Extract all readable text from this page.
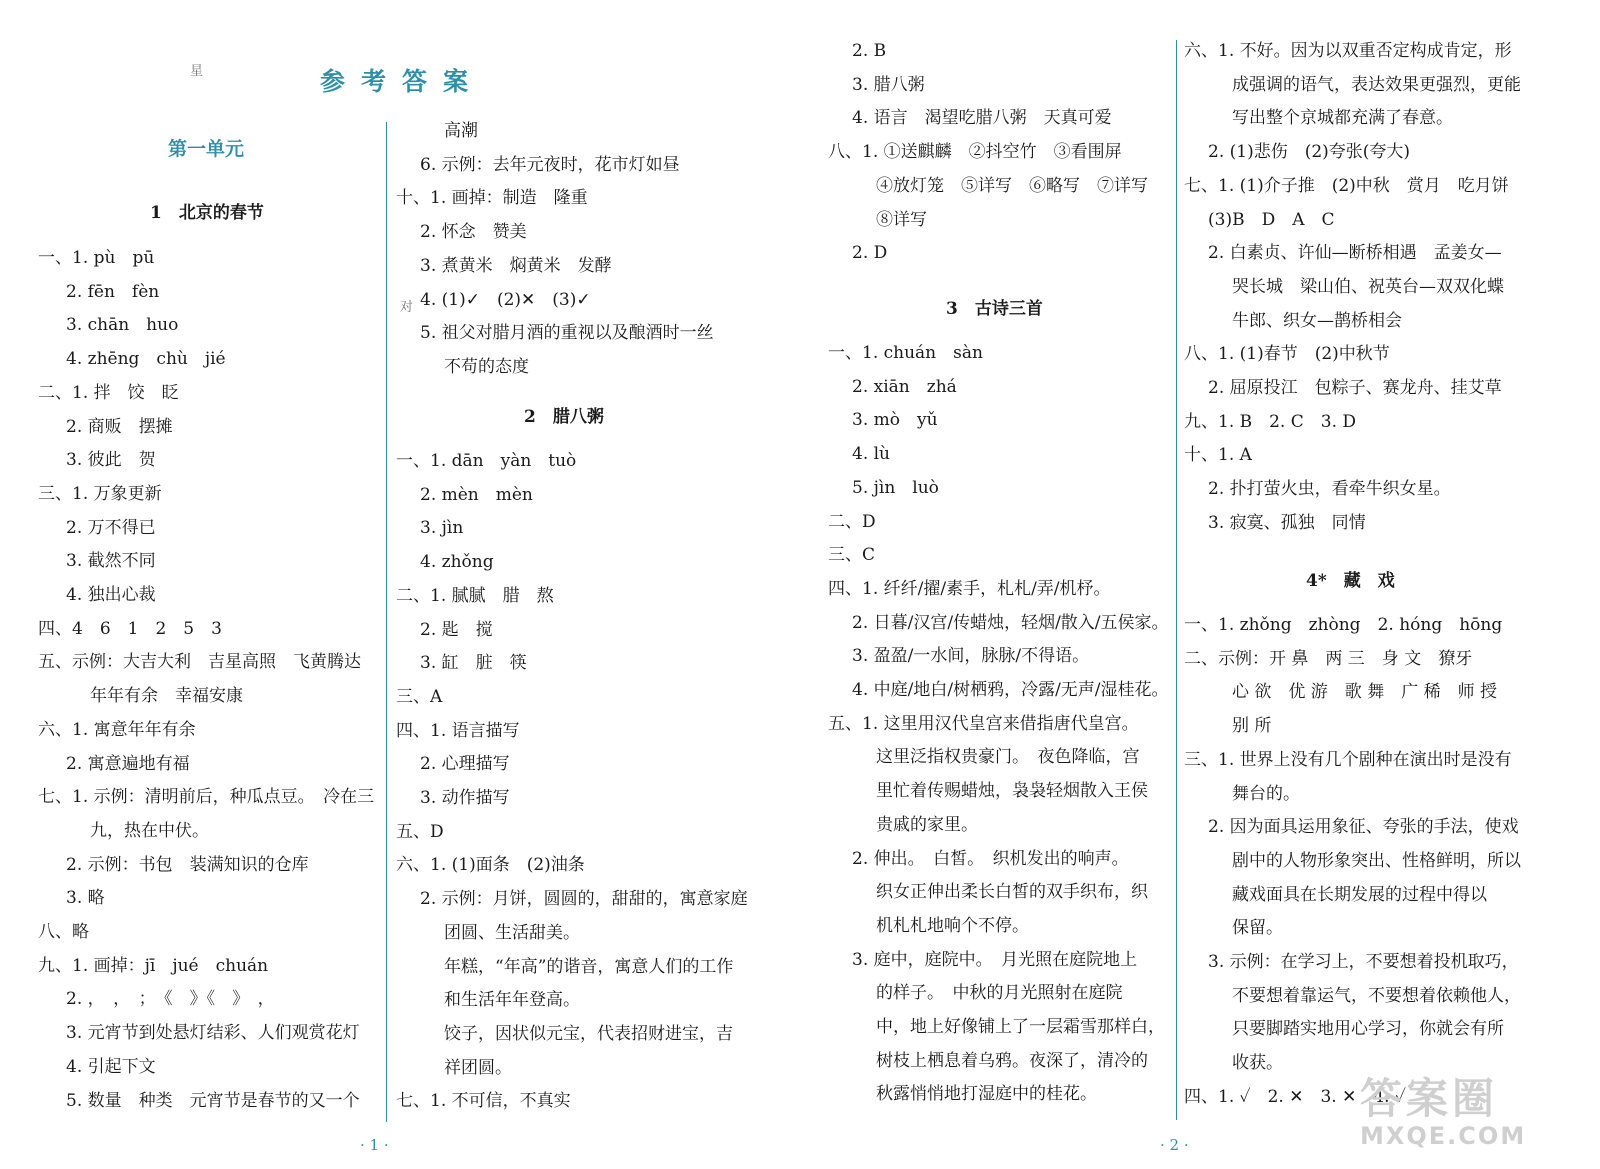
参考答案
第一单元
星
对
1　北京的春节
一、1. pù　pū
2. fēn　fèn
3. chān　huo
4. zhēng　chù　jié
二、1. 拌　饺　眨
2. 商贩　摆摊
3. 彼此　贺
三、1. 万象更新
2. 万不得已
3. 截然不同
4. 独出心裁
四、4　6　1　2　5　3
五、示例：大吉大利　吉星高照　飞黄腾达
年年有余　幸福安康
六、1. 寓意年年有余
2. 寓意遍地有福
七、1. 示例：清明前后，种瓜点豆。　冷在三
九，热在中伏。
2. 示例：书包　装满知识的仓库
3. 略
八、略
九、1. 画掉：jī　jué　chuán
2. ，　，　；　《　》《　》　，
3. 元宵节到处悬灯结彩、人们观赏花灯
4. 引起下文
5. 数量　种类　元宵节是春节的又一个
高潮
6. 示例：去年元夜时，花市灯如昼
十、1. 画掉：制造　隆重
2. 怀念　赞美
3. 煮黄米　焖黄米　发酵
4. (1)✓　(2)✕　(3)✓
5. 祖父对腊月酒的重视以及酿酒时一丝
不苟的态度
2　腊八粥
一、1. dān　yàn　tuò
2. mèn　mèn
3. jìn
4. zhǒng
二、1. 腻腻　腊　熬
2. 匙　搅
3. 缸　脏　筷
三、A
四、1. 语言描写
2. 心理描写
3. 动作描写
五、D
六、1. (1)面条　(2)油条
2. 示例：月饼，圆圆的，甜甜的，寓意家庭
团圆、生活甜美。
年糕，“年高”的谐音，寓意人们的工作
和生活年年登高。
饺子，因状似元宝，代表招财进宝，吉
祥团圆。
七、1. 不可信，不真实
2. B
3. 腊八粥
4. 语言　渴望吃腊八粥　天真可爱
八、1. ①送麒麟　②抖空竹　③看围屏
④放灯笼　⑤详写　⑥略写　⑦详写
⑧详写
2. D
3　古诗三首
一、1. chuán　sàn
2. xiān　zhá
3. mò　yǔ
4. lù
5. jìn　luò
二、D
三、C
四、1. 纤纤/擢/素手，札札/弄/机杼。
2. 日暮/汉宫/传蜡烛，轻烟/散入/五侯家。
3. 盈盈/一水间，脉脉/不得语。
4. 中庭/地白/树栖鸦，冷露/无声/湿桂花。
五、1. 这里用汉代皇宫来借指唐代皇宫。
这里泛指权贵豪门。　夜色降临，宫
里忙着传赐蜡烛，袅袅轻烟散入王侯
贵戚的家里。
2. 伸出。　白皙。　织机发出的响声。
织女正伸出柔长白皙的双手织布，织
机札札地响个不停。
3. 庭中，庭院中。　月光照在庭院地上
的样子。　中秋的月光照射在庭院
中，地上好像铺上了一层霜雪那样白，
树枝上栖息着乌鸦。夜深了，清冷的
秋露悄悄地打湿庭中的桂花。
六、1. 不好。因为以双重否定构成肯定，形
成强调的语气，表达效果更强烈，更能
写出整个京城都充满了春意。
2. (1)悲伤　(2)夸张(夸大)
七、1. (1)介子推　(2)中秋　赏月　吃月饼
(3)B　D　A　C
2. 白素贞、许仙—断桥相遇　孟姜女—
哭长城　梁山伯、祝英台—双双化蝶
牛郎、织女—鹊桥相会
八、1. (1)春节　(2)中秋节
2. 屈原投江　包粽子、赛龙舟、挂艾草
九、1. B　2. C　3. D
十、1. A
2. 扑打萤火虫，看牵牛织女星。
3. 寂寞、孤独　同情
4*　藏　戏
一、1. zhǒng　zhòng　2. hóng　hōng
二、示例：开 鼻　两 三　身 文　獠牙
心 欲　优 游　歌 舞　广 稀　师 授
别 所
三、1. 世界上没有几个剧种在演出时是没有
舞台的。
2. 因为面具运用象征、夸张的手法，使戏
剧中的人物形象突出、性格鲜明，所以
藏戏面具在长期发展的过程中得以
保留。
3. 示例：在学习上，不要想着投机取巧，
不要想着靠运气，不要想着依赖他人，
只要脚踏实地用心学习，你就会有所
收获。
四、1. ✓　2. ✕　3. ✕　4. ✓
· 1 ·	· 2 ·
答案圈
MXQE.COM
